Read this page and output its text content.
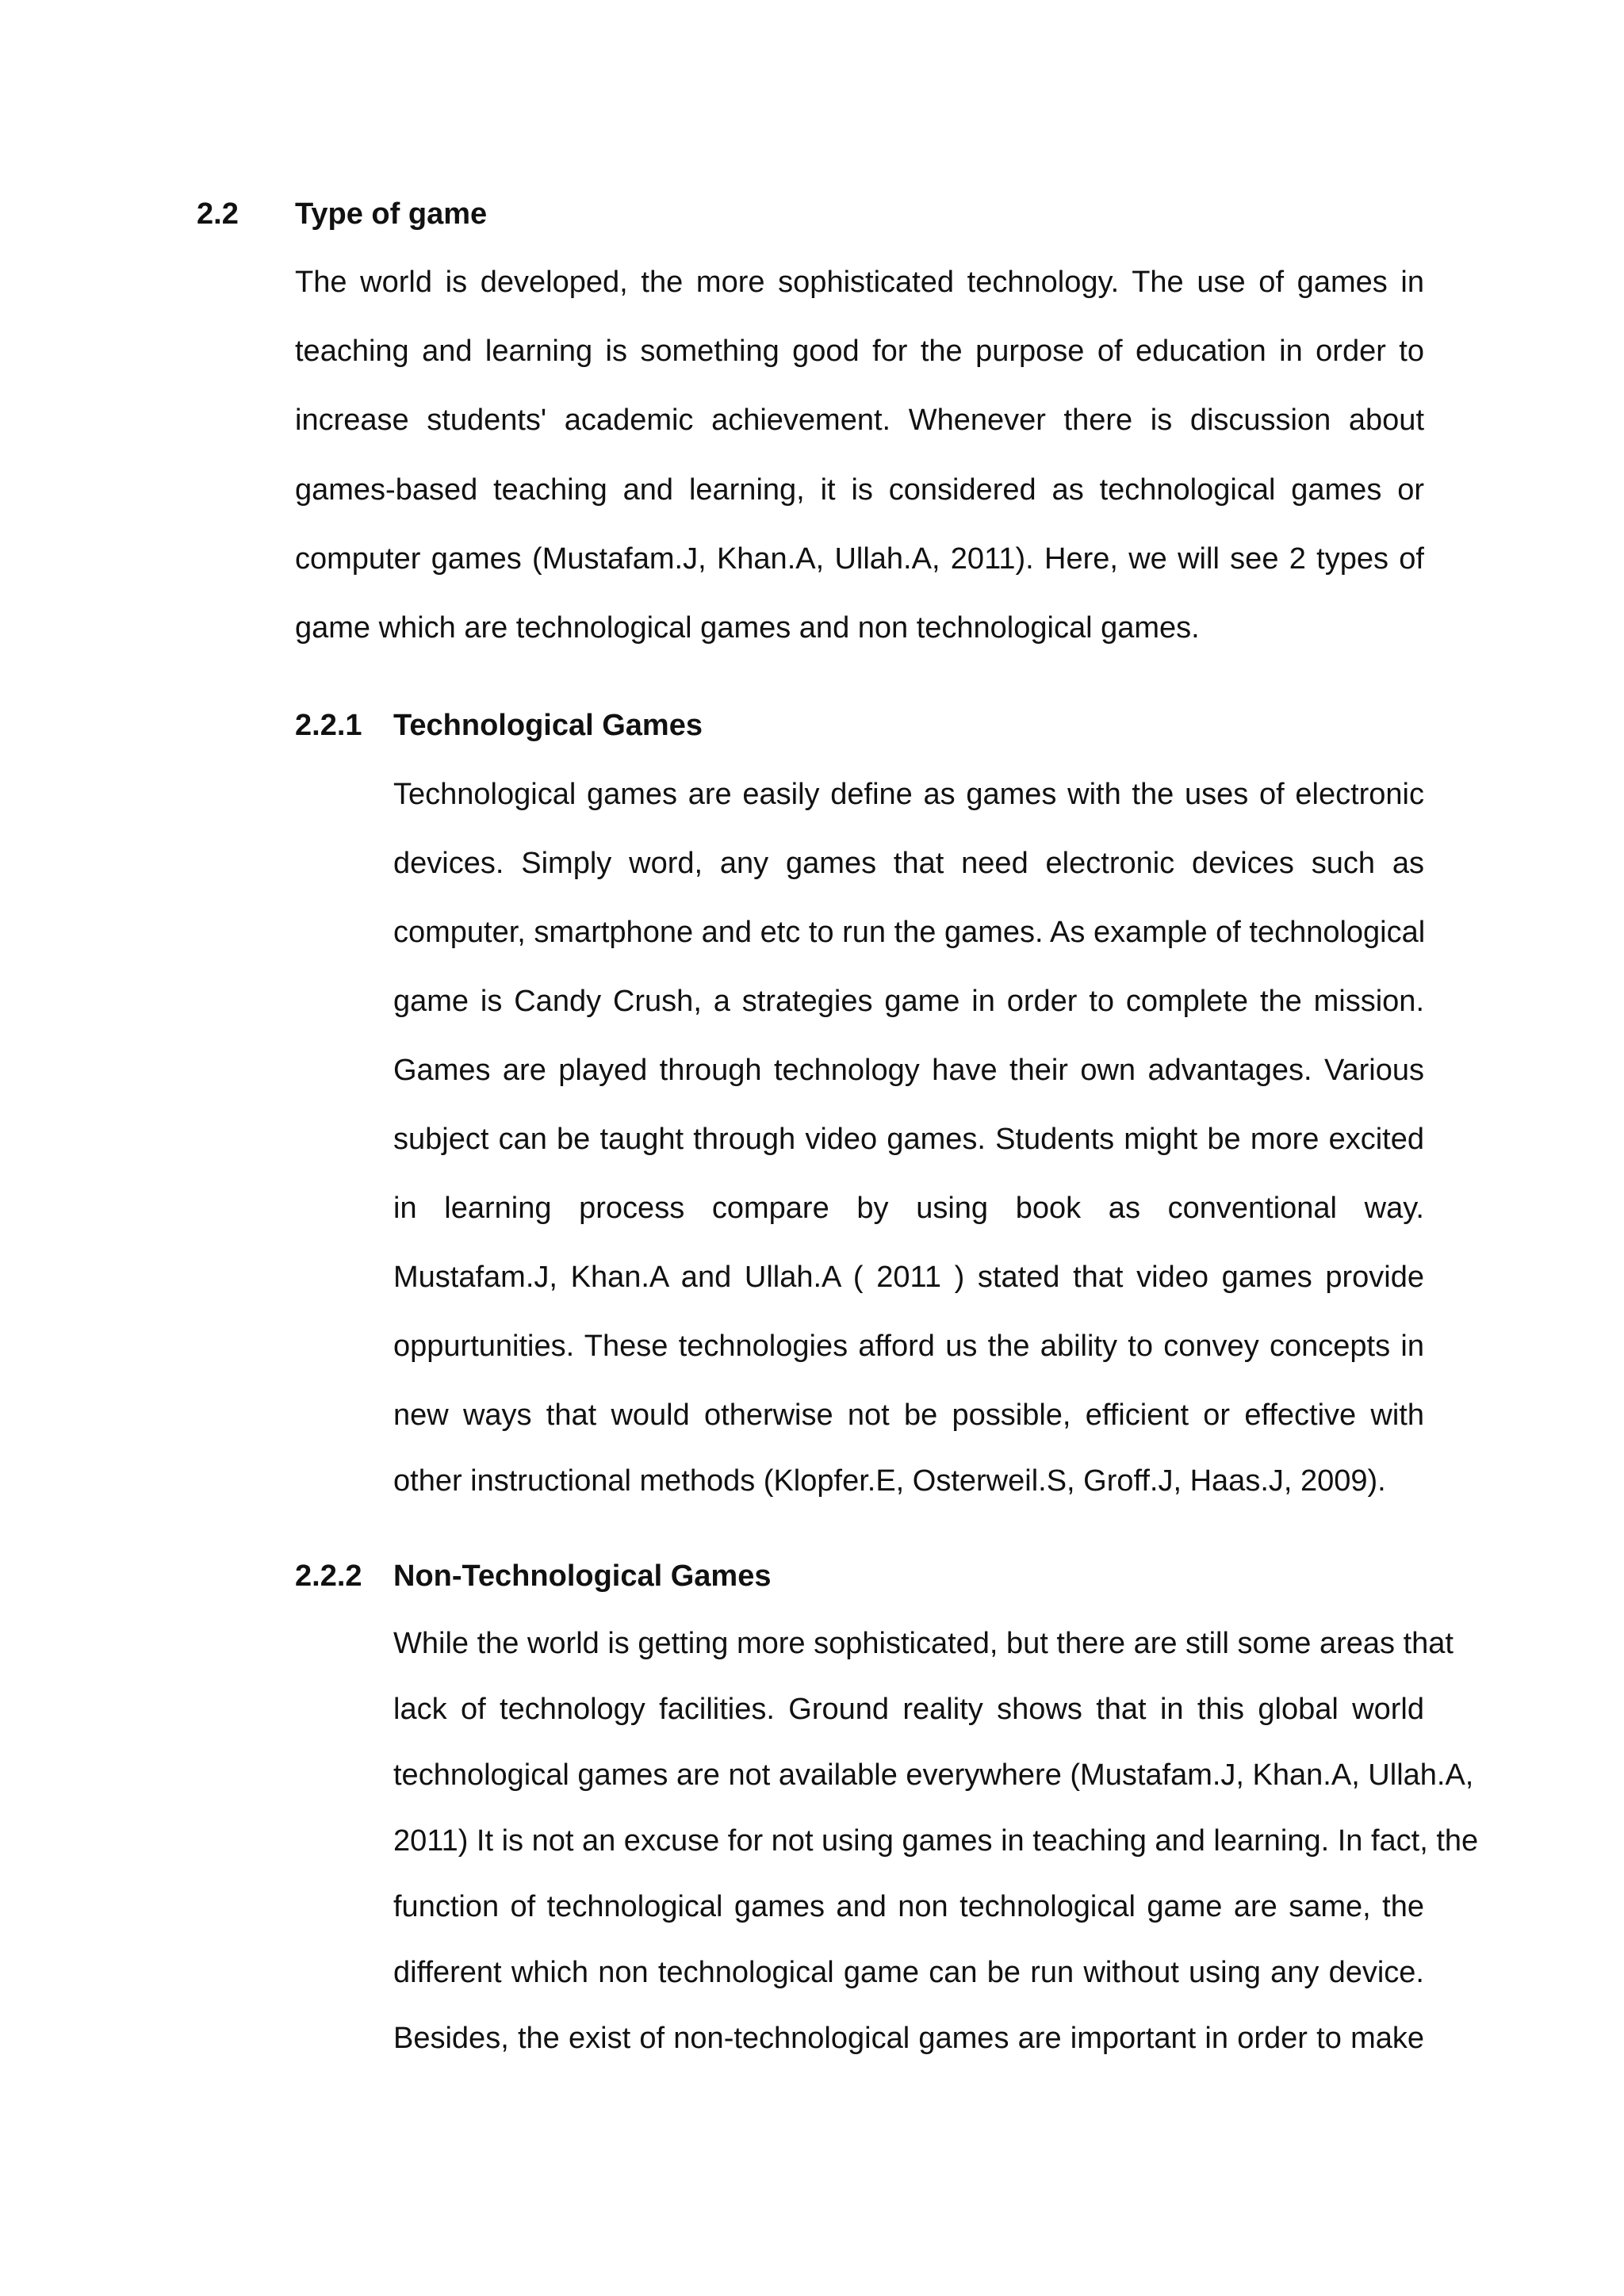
2.2 Type of game
The world is developed, the more sophisticated technology. The use of games in
teaching and learning is something good for the purpose of education in order to
increase students' academic achievement. Whenever there is discussion about
games-based teaching and learning, it is considered as technological games or
computer games (Mustafam.J, Khan.A, Ullah.A, 2011). Here, we will see 2 types of
game which are technological games and non technological games.
2.2.1 Technological Games
Technological games are easily define as games with the uses of electronic
devices. Simply word, any games that need electronic devices such as
computer, smartphone and etc to run the games. As example of technological
game is Candy Crush, a strategies game in order to complete the mission.
Games are played through technology have their own advantages. Various
subject can be taught through video games. Students might be more excited
in learning process compare by using book as conventional way.
Mustafam.J, Khan.A and Ullah.A ( 2011 ) stated that video games provide
oppurtunities. These technologies afford us the ability to convey concepts in
new ways that would otherwise not be possible, efficient or effective with
other instructional methods (Klopfer.E, Osterweil.S, Groff.J, Haas.J, 2009).
2.2.2 Non-Technological Games
While the world is getting more sophisticated, but there are still some areas that
lack of technology facilities. Ground reality shows that in this global world
technological games are not available everywhere (Mustafam.J, Khan.A, Ullah.A,
2011) It is not an excuse for not using games in teaching and learning. In fact, the
function of technological games and non technological game are same, the
different which non technological game can be run without using any device.
Besides, the exist of non-technological games are important in order to make
